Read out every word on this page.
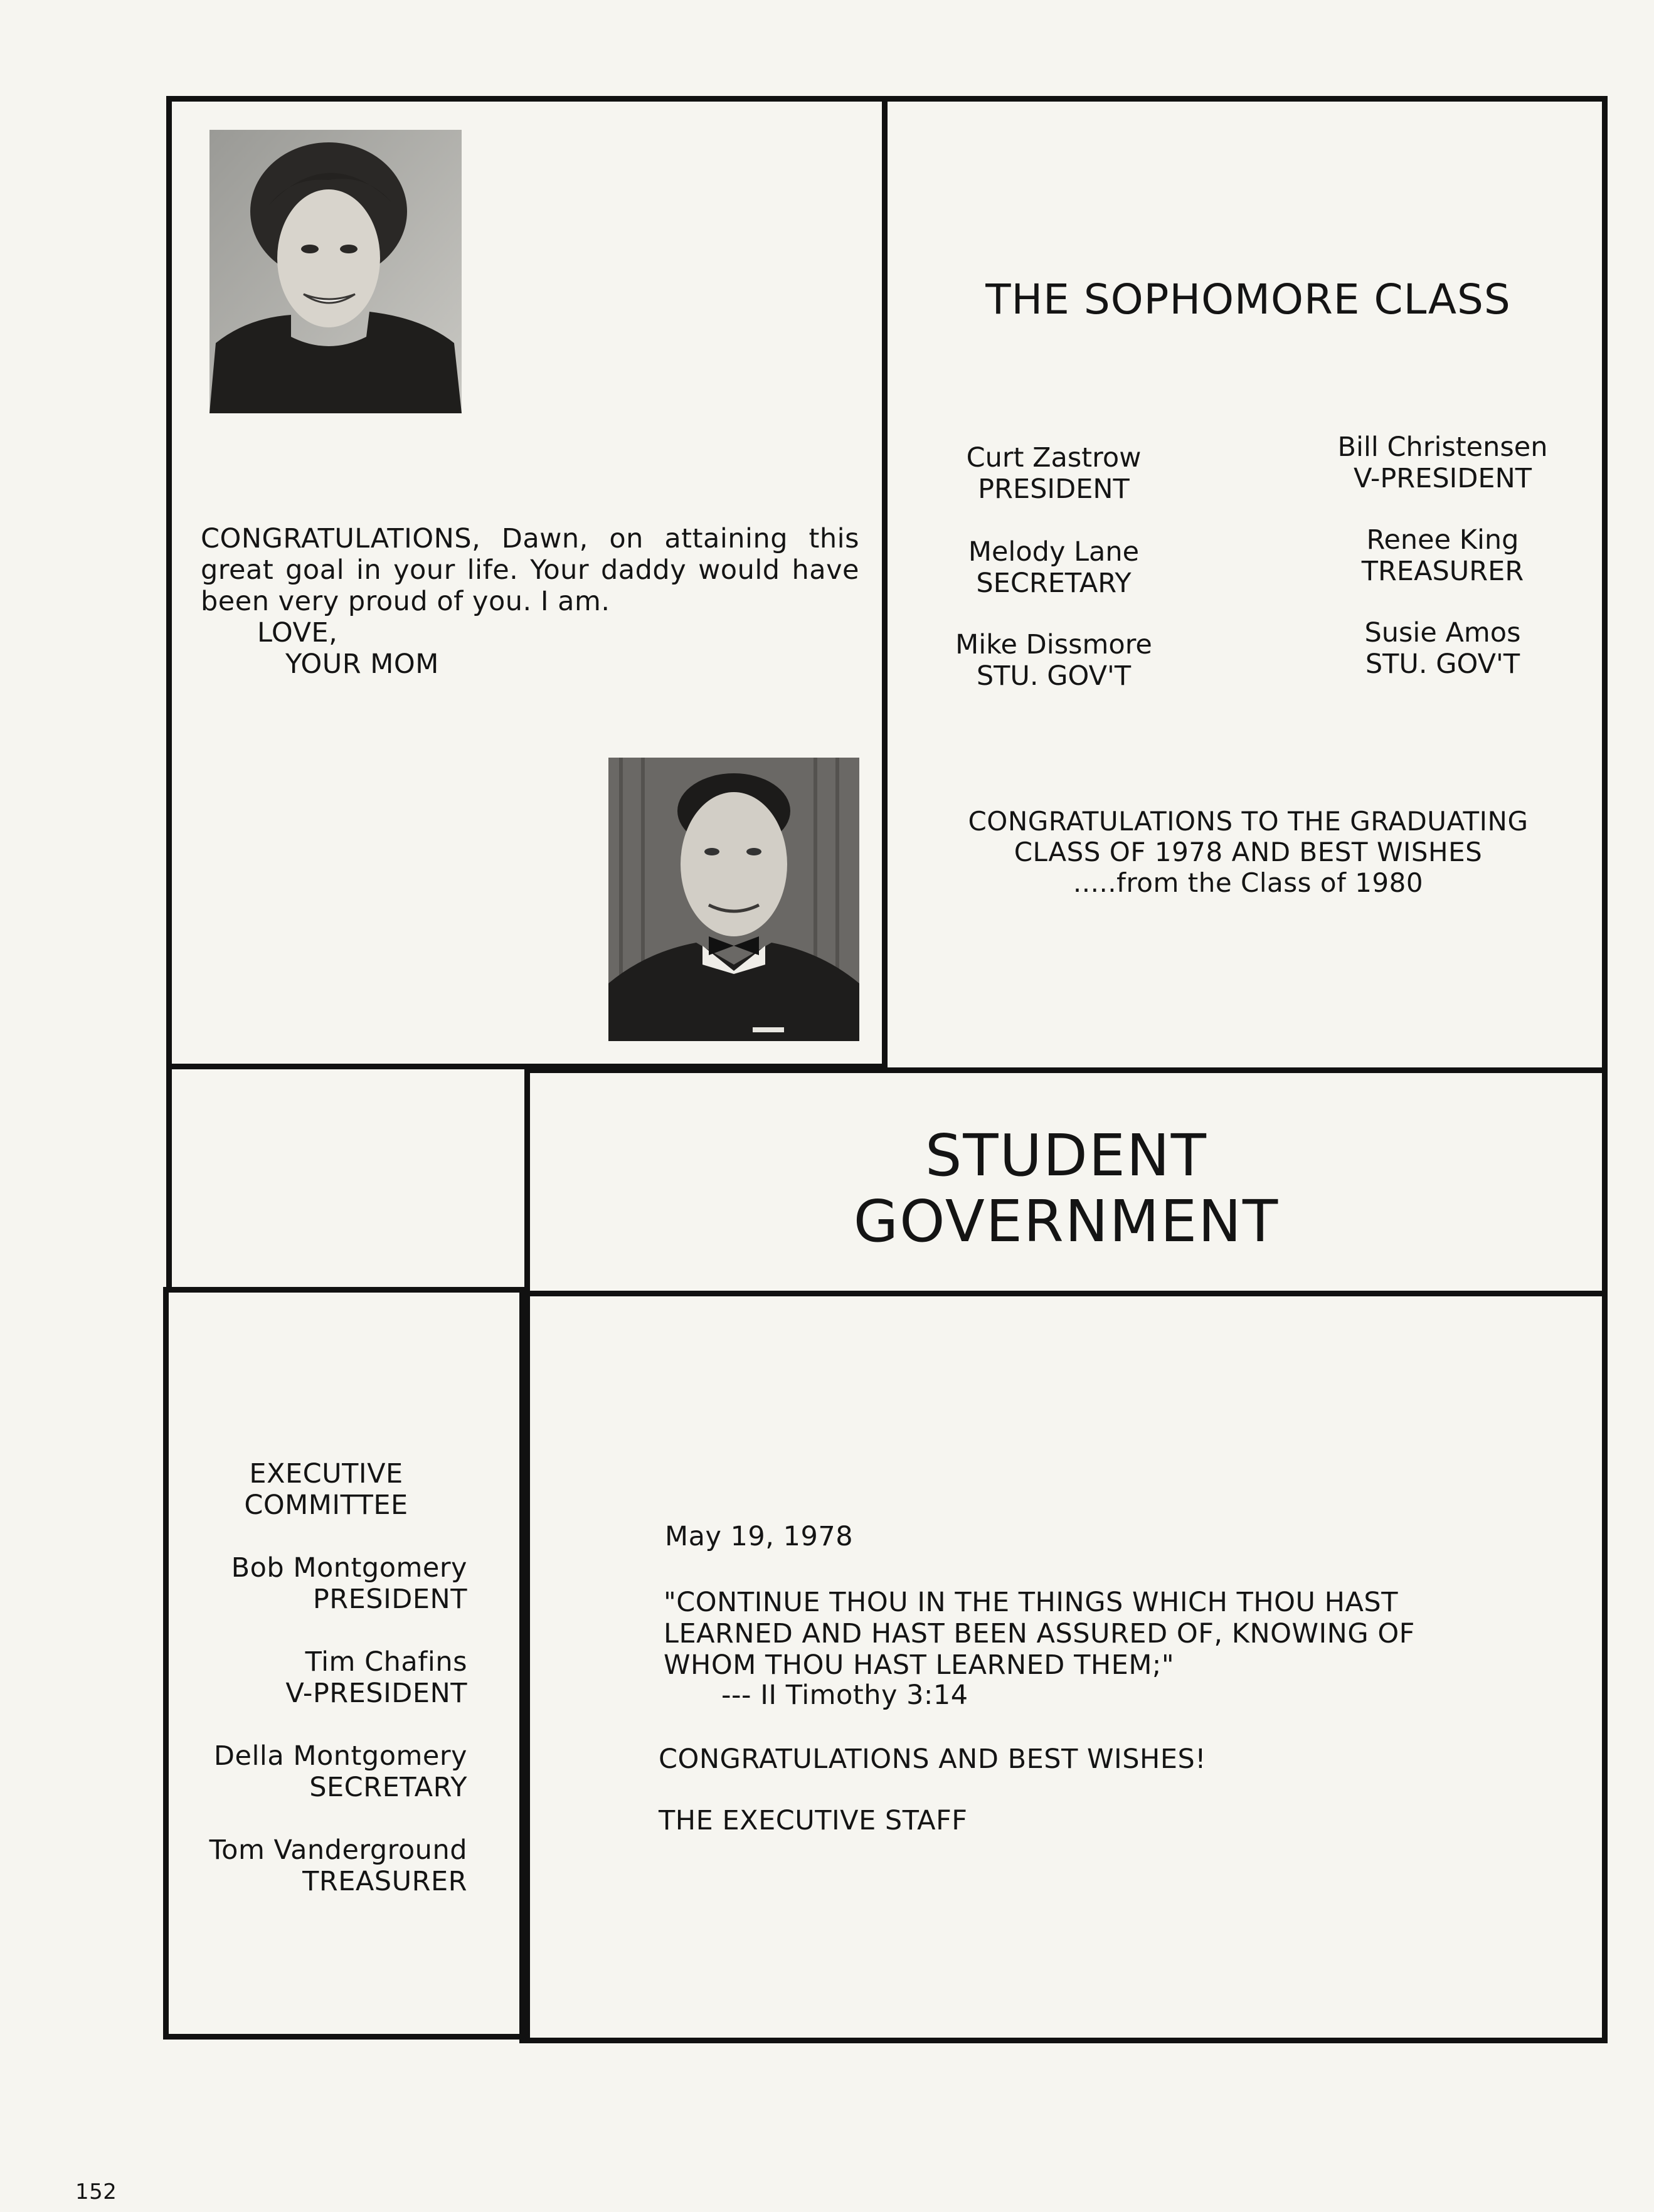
CONGRATULATIONS, Dawn, on attaining this great goal in your life. Your daddy would have been very proud of you. I am.
LOVE,
YOUR MOM
THE SOPHOMORE CLASS
Curt Zastrow
PRESIDENT
Bill Christensen
V-PRESIDENT
Melody Lane
SECRETARY
Renee King
TREASURER
Mike Dissmore
STU. GOV'T
Susie Amos
STU. GOV'T
CONGRATULATIONS TO THE GRADUATING
CLASS OF 1978 AND BEST WISHES
.....from the Class of 1980
STUDENT
GOVERNMENT
EXECUTIVE
COMMITTEE
Bob Montgomery
PRESIDENT
Tim Chafins
V-PRESIDENT
Della Montgomery
SECRETARY
Tom Vanderground
TREASURER
May 19, 1978
"CONTINUE THOU IN THE THINGS WHICH THOU HAST
LEARNED AND HAST BEEN ASSURED OF, KNOWING OF
WHOM THOU HAST LEARNED THEM;"
--- II Timothy 3:14
CONGRATULATIONS AND BEST WISHES!
THE EXECUTIVE STAFF
152
